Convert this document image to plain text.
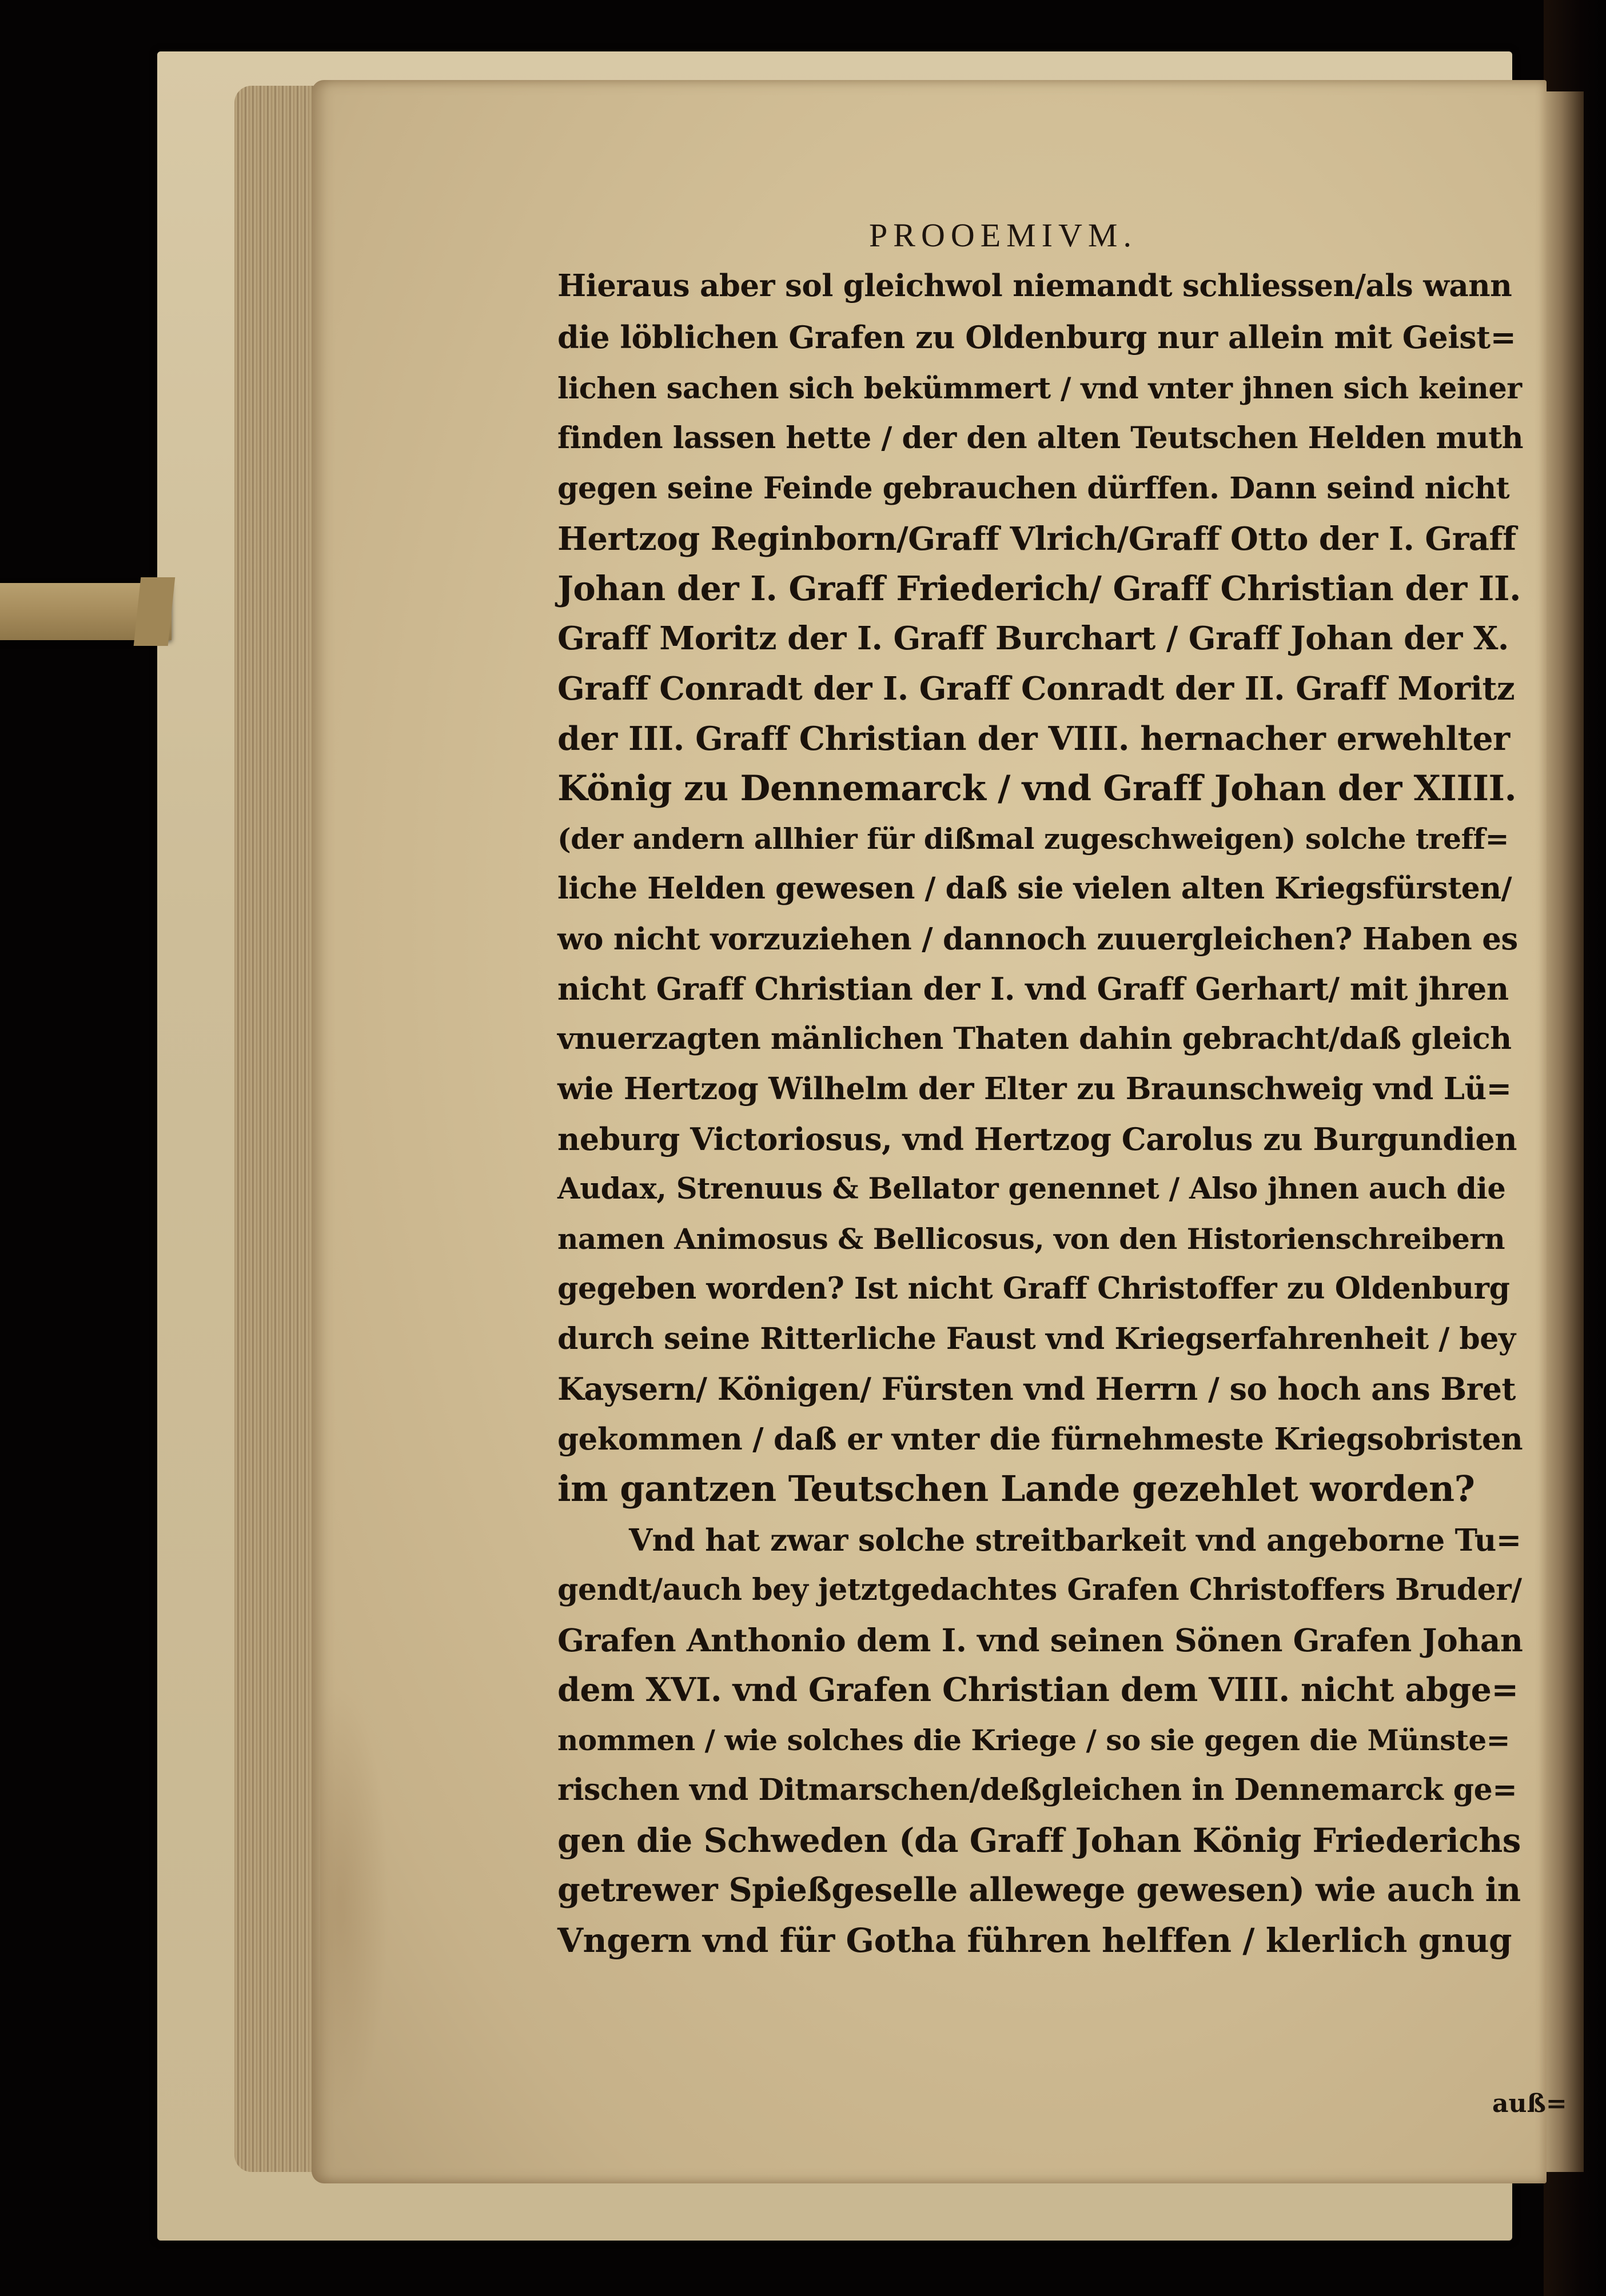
PROOEMIVM.
Hieraus aber sol gleichwol niemandt schliessen/als wann
die löblichen Grafen zu Oldenburg nur allein mit Geist=
lichen sachen sich bekümmert / vnd vnter jhnen sich keiner
finden lassen hette / der den alten Teutschen Helden muth
gegen seine Feinde gebrauchen dürffen. Dann seind nicht
Hertzog Reginborn/Graff Vlrich/Graff Otto der I. Graff
Johan der I. Graff Friederich/ Graff Christian der II.
Graff Moritz der I. Graff Burchart / Graff Johan der X.
Graff Conradt der I. Graff Conradt der II. Graff Moritz
der III. Graff Christian der VIII. hernacher erwehlter
König zu Dennemarck / vnd Graff Johan der XIIII.
(der andern allhier für dißmal zugeschweigen) solche treff=
liche Helden gewesen / daß sie vielen alten Kriegsfürsten/
wo nicht vorzuziehen / dannoch zuuergleichen? Haben es
nicht Graff Christian der I. vnd Graff Gerhart/ mit jhren
vnuerzagten mänlichen Thaten dahin gebracht/daß gleich
wie Hertzog Wilhelm der Elter zu Braunschweig vnd Lü=
neburg Victoriosus, vnd Hertzog Carolus zu Burgundien
Audax, Strenuus & Bellator genennet / Also jhnen auch die
namen Animosus & Bellicosus, von den Historienschreibern
gegeben worden? Ist nicht Graff Christoffer zu Oldenburg
durch seine Ritterliche Faust vnd Kriegserfahrenheit / bey
Kaysern/ Königen/ Fürsten vnd Herrn / so hoch ans Bret
gekommen / daß er vnter die fürnehmeste Kriegsobristen
im gantzen Teutschen Lande gezehlet worden?
Vnd hat zwar solche streitbarkeit vnd angeborne Tu=
gendt/auch bey jetztgedachtes Grafen Christoffers Bruder/
Grafen Anthonio dem I. vnd seinen Sönen Grafen Johan
dem XVI. vnd Grafen Christian dem VIII. nicht abge=
nommen / wie solches die Kriege / so sie gegen die Münste=
rischen vnd Ditmarschen/deßgleichen in Dennemarck ge=
gen die Schweden (da Graff Johan König Friederichs
getrewer Spießgeselle allewege gewesen) wie auch in
Vngern vnd für Gotha führen helffen / klerlich gnug
auß=
